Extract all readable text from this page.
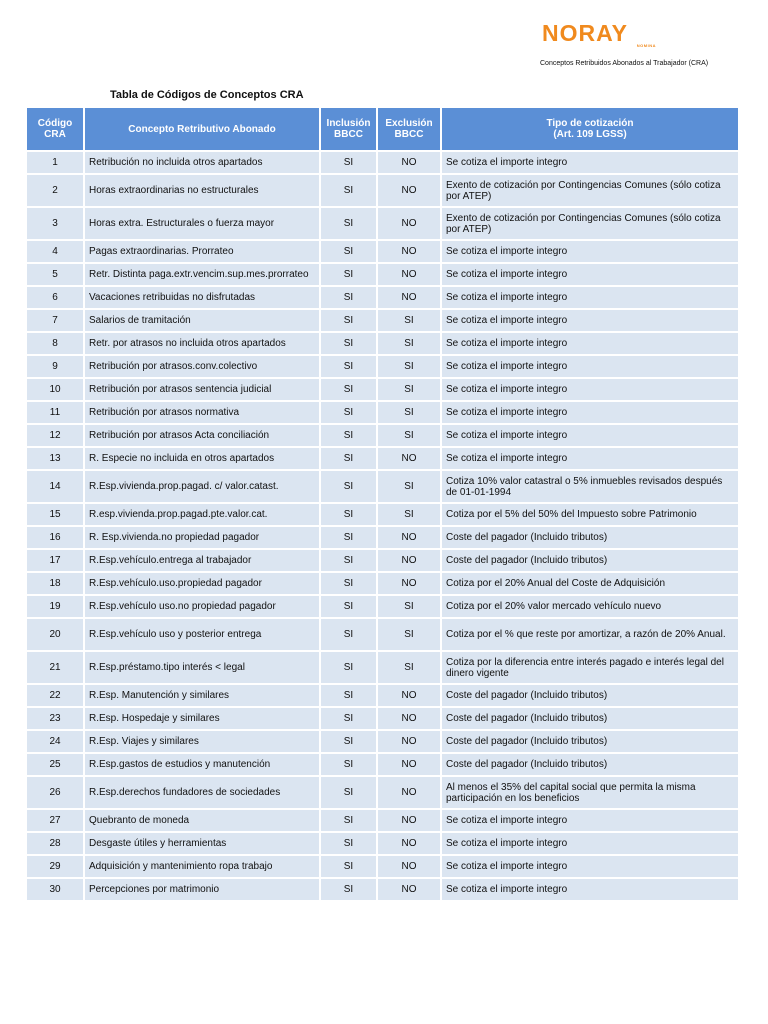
NORAY	NOMINA
Conceptos Retribuidos Abonados al Trabajador (CRA)
Tabla de Códigos de Conceptos CRA
Código CRA	Concepto Retributivo Abonado	Inclusión BBCC	Exclusión BBCC	Tipo de cotización
(Art. 109 LGSS)
1	Retribución no incluida otros apartados	SI	NO	Se cotiza el importe integro
2	Horas extraordinarias no estructurales	SI	NO	Exento de cotización por Contingencias Comunes (sólo cotiza por ATEP)
3	Horas extra. Estructurales o fuerza mayor	SI	NO	Exento de cotización por Contingencias Comunes (sólo cotiza por ATEP)
4	Pagas extraordinarias. Prorrateo	SI	NO	Se cotiza el importe integro
5	Retr. Distinta paga.extr.vencim.sup.mes.prorrateo	SI	NO	Se cotiza el importe integro
6	Vacaciones retribuidas no disfrutadas	SI	NO	Se cotiza el importe integro
7	Salarios de tramitación	SI	SI	Se cotiza el importe integro
8	Retr. por atrasos no incluida otros apartados	SI	SI	Se cotiza el importe integro
9	Retribución por atrasos.conv.colectivo	SI	SI	Se cotiza el importe integro
10	Retribución por atrasos sentencia judicial	SI	SI	Se cotiza el importe integro
11	Retribución por atrasos normativa	SI	SI	Se cotiza el importe integro
12	Retribución por atrasos Acta conciliación	SI	SI	Se cotiza el importe integro
13	R. Especie no incluida en otros apartados	SI	NO	Se cotiza el importe integro
14	R.Esp.vivienda.prop.pagad. c/ valor.catast.	SI	SI	Cotiza 10% valor catastral o 5% inmuebles revisados después de 01-01-1994
15	R.esp.vivienda.prop.pagad.pte.valor.cat.	SI	SI	Cotiza por el 5% del 50% del Impuesto sobre Patrimonio
16	R. Esp.vivienda.no propiedad pagador	SI	NO	Coste del pagador (Incluido tributos)
17	R.Esp.vehículo.entrega al trabajador	SI	NO	Coste del pagador (Incluido tributos)
18	R.Esp.vehículo.uso.propiedad pagador	SI	NO	Cotiza por el 20% Anual del Coste de Adquisición
19	R.Esp.vehículo uso.no propiedad pagador	SI	SI	Cotiza por el 20% valor mercado vehículo nuevo
20	R.Esp.vehículo uso y posterior entrega	SI	SI	Cotiza por el % que reste por amortizar, a razón de 20% Anual.
21	R.Esp.préstamo.tipo interés < legal	SI	SI	Cotiza por la diferencia entre interés pagado e interés legal del dinero vigente
22	R.Esp. Manutención y similares	SI	NO	Coste del pagador (Incluido tributos)
23	R.Esp. Hospedaje y similares	SI	NO	Coste del pagador (Incluido tributos)
24	R.Esp. Viajes y similares	SI	NO	Coste del pagador (Incluido tributos)
25	R.Esp.gastos de estudios y manutención	SI	NO	Coste del pagador (Incluido tributos)
26	R.Esp.derechos fundadores de sociedades	SI	NO	Al menos el 35% del capital social que permita la misma participación en los beneficios
27	Quebranto de moneda	SI	NO	Se cotiza el importe integro
28	Desgaste útiles y herramientas	SI	NO	Se cotiza el importe integro
29	Adquisición y mantenimiento ropa trabajo	SI	NO	Se cotiza el importe integro
30	Percepciones por matrimonio	SI	NO	Se cotiza el importe integro
